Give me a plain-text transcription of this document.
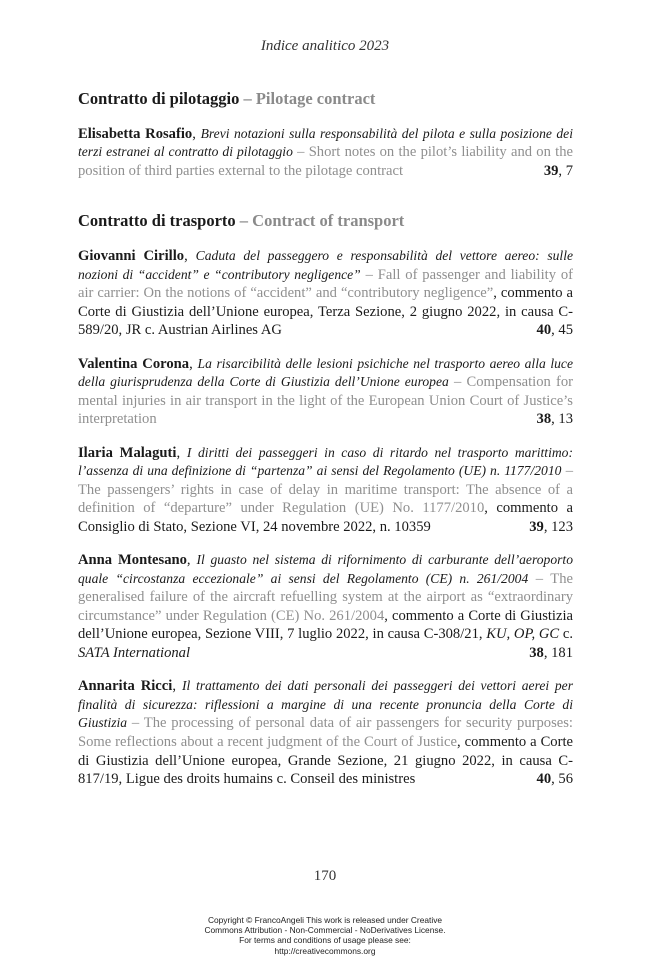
Indice analitico 2023
Contratto di pilotaggio – Pilotage contract

Elisabetta Rosafio, Brevi notazioni sulla responsabilità del pilota e sulla posizione dei terzi estranei al contratto di pilotaggio – Short notes on the pilot’s liability and on the position of third parties external to the pilotage contract	39, 7

Contratto di trasporto – Contract of transport

Giovanni Cirillo, Caduta del passeggero e responsabilità del vettore aereo: sulle nozioni di “accident” e “contributory negligence” – Fall of passenger and liability of air carrier: On the notions of “accident” and “contributory negligence”, commento a Corte di Giustizia dell’Unione europea, Terza Sezione, 2 giugno 2022, in causa C-589/20, JR c. Austrian Airlines AG	40, 45

Valentina Corona, La risarcibilità delle lesioni psichiche nel trasporto aereo alla luce della giurisprudenza della Corte di Giustizia dell’Unione europea – Compensation for mental injuries in air transport in the light of the European Union Court of Justice’s interpretation	38, 13

Ilaria Malaguti, I diritti dei passeggeri in caso di ritardo nel trasporto marittimo: l’assenza di una definizione di “partenza” ai sensi del Regolamento (UE) n. 1177/2010 – The passengers’ rights in case of delay in maritime transport: The absence of a definition of “departure” under Regulation (UE) No. 1177/2010, commento a Consiglio di Stato, Sezione VI, 24 novembre 2022, n. 10359	39, 123

Anna Montesano, Il guasto nel sistema di rifornimento di carburante dell’aeroporto quale “circostanza eccezionale” ai sensi del Regolamento (CE) n. 261/2004 – The generalised failure of the aircraft refuelling system at the airport as “extraordinary circumstance” under Regulation (CE) No. 261/2004, commento a Corte di Giustizia dell’Unione europea, Sezione VIII, 7 luglio 2022, in causa C-308/21, KU, OP, GC c. SATA International	38, 181

Annarita Ricci, Il trattamento dei dati personali dei passeggeri dei vettori aerei per finalità di sicurezza: riflessioni a margine di una recente pronuncia della Corte di Giustizia – The processing of personal data of air passengers for security purposes: Some reflections about a recent judgment of the Court of Justice, commento a Corte di Giustizia dell’Unione europea, Grande Sezione, 21 giugno 2022, in causa C-817/19, Ligue des droits humains c. Conseil des ministres	40, 56

170
Copyright © FrancoAngeli This work is released under Creative
Commons Attribution - Non-Commercial - NoDerivatives License.
For terms and conditions of usage please see:
http://creativecommons.org
